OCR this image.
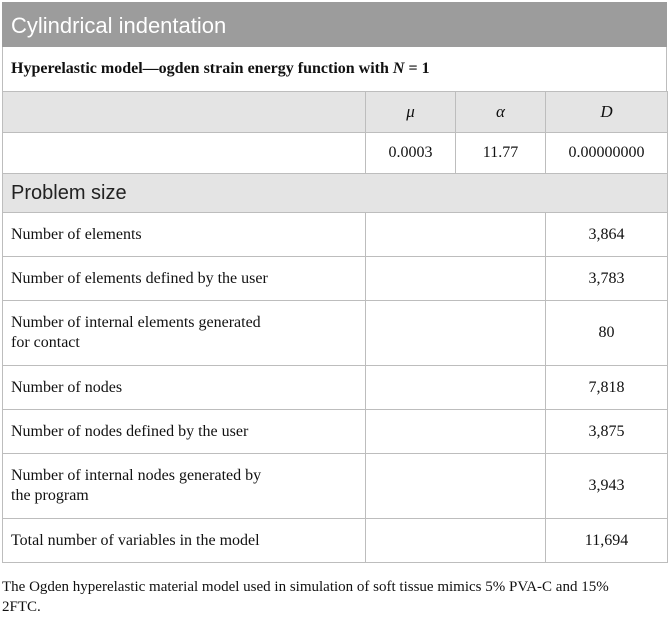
Cylindrical indentation
Hyperelastic model—ogden strain energy function with N = 1
	μ	α	D
	0.0003	11.77	0.00000000
Problem size			
Number of elements			3,864
Number of elements defined by the user			3,783
Number of internal elements generated
for contact			80
Number of nodes			7,818
Number of nodes defined by the user			3,875
Number of internal nodes generated by
the program			3,943
Total number of variables in the model			11,694
The Ogden hyperelastic material model used in simulation of soft tissue mimics 5% PVA-C and 15% 2FTC.
